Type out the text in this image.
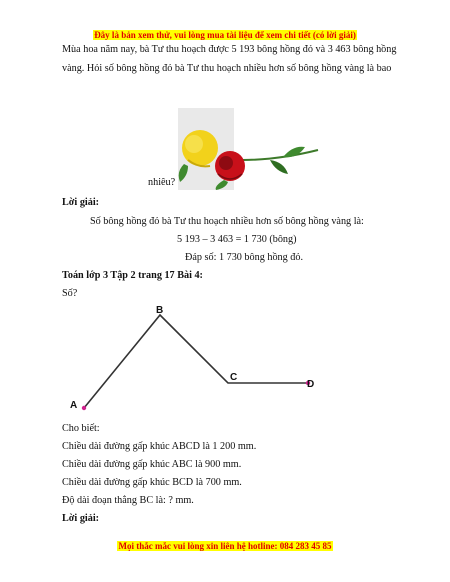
Đây là bản xem thử, vui lòng mua tài liệu để xem chi tiết (có lời giải)
Mùa hoa năm nay, bà Tư thu hoạch được 5 193 bông hồng đỏ và 3 463 bông hồng
vàng. Hỏi số bông hồng đỏ bà Tư thu hoạch nhiều hơn số bông hồng vàng là bao
nhiêu?
Lời giải:
Số bông hồng đỏ bà Tư thu hoạch nhiều hơn số bông hồng vàng là:
5 193 – 3 463 = 1 730 (bông)
Đáp số: 1 730 bông hồng đỏ.
Toán lớp 3 Tập 2 trang 17 Bài 4:
Số?
A
B
C
D
Cho biết:
Chiều dài đường gấp khúc ABCD là 1 200 mm.
Chiều dài đường gấp khúc ABC là 900 mm.
Chiều dài đường gấp khúc BCD là 700 mm.
Độ dài đoạn thẳng BC là: ? mm.
Lời giải:
Mọi thắc mắc vui lòng xin liên hệ hotline: 084 283 45 85
